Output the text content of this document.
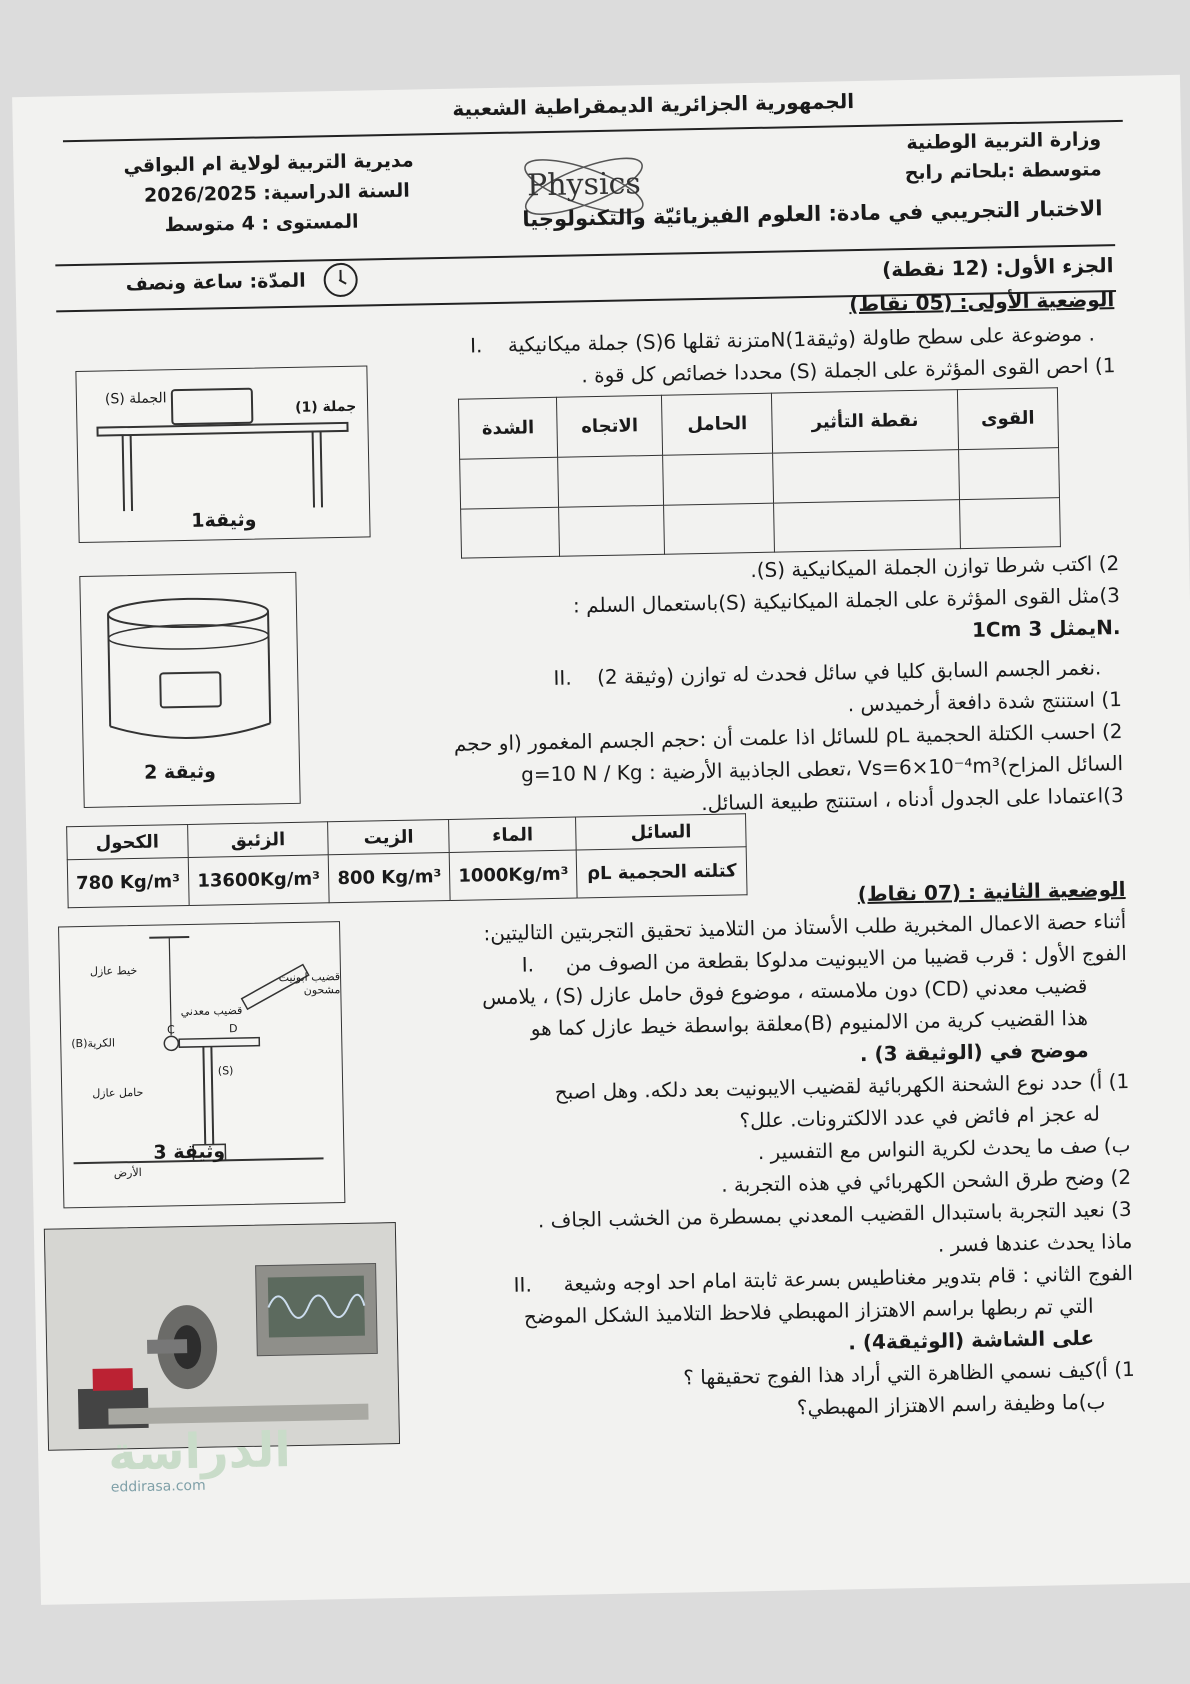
الجمهورية الجزائرية الديمقراطية الشعبية
وزارة التربية الوطنية
متوسطة :بلحاتم رابح
مديرية التربية لولاية ام البواقي
السنة الدراسية: 2026/2025
المستوى : 4 متوسط
Physics
الاختبار التجريبي في مادة: العلوم الفيزيائيّة والتكنولوجيا
المدّة: ساعة ونصف
الجزء الأول: (12 نقطة)
الوضعية الأولى: (05 نقاط)
I. جملة ميكانيكية (S)متزنة ثقلها 6Nموضوعة على سطح طاولة (وثيقة1) .
1) احص القوى المؤثرة على الجملة (S) محددا خصائص كل قوة .
الشدة	الاتجاه	الحامل	نقطة التأثير	القوى

الجملة (S)
جملة (1)
وثيقة1
2) اكتب شرطا توازن الجملة الميكانيكية (S).
3)مثل القوى المؤثرة على الجملة الميكانيكية (S)باستعمال السلم :
1Cm يمثل 3N.
وثيقة 2
II. نغمر الجسم السابق كليا في سائل فحدث له توازن (وثيقة 2).
1) استنتج شدة دافعة أرخميدس .
2) احسب الكتلة الحجمية ρL للسائل اذا علمت أن :حجم الجسم المغمور (او حجم
السائل المزاح)Vs=6×10⁻⁴m³ ،تعطى الجاذبية الأرضية : g=10 N / Kg
3)اعتمادا على الجدول أدناه ، استنتج طبيعة السائل.
الكحول	الزئبق	الزيت	الماء	السائل
780 Kg/m³	13600Kg/m³	800 Kg/m³	1000Kg/m³	كتلته الحجمية ρL
الوضعية الثانية : (07 نقاط)
أثناء حصة الاعمال المخبرية طلب الأستاذ من التلاميذ تحقيق التجربتين التاليتين:
I. الفوج الأول : قرب قضيبا من الايبونيت مدلوكا بقطعة من الصوف من
قضيب معدني (CD) دون ملامسته ، موضوع فوق حامل عازل (S) ، يلامس
هذا القضيب كرية من الالمنيوم (B)معلقة بواسطة خيط عازل كما هو
موضح في (الوثيقة 3) .
1) أ) حدد نوع الشحنة الكهربائية لقضيب الايبونيت بعد دلكه. وهل اصبح
له عجز ام فائض في عدد الالكترونات. علل؟
ب) صف ما يحدث لكرية النواس مع التفسير .
2) وضح طرق الشحن الكهربائي في هذه التجربة .
3) نعيد التجربة باستبدال القضيب المعدني بمسطرة من الخشب الجاف .
ماذا يحدث عندها فسر .
II. الفوج الثاني : قام بتدوير مغناطيس بسرعة ثابتة امام احد اوجه وشيعة
التي تم ربطها براسم الاهتزاز المهبطي فلاحظ التلاميذ الشكل الموضح
على الشاشة (الوثيقة4) .
1) أ)كيف نسمي الظاهرة التي أراد هذا الفوج تحقيقها ؟
ب)ما وظيفة راسم الاهتزاز المهبطي؟
خيط عازل	قضيب ابونيت مشحون
قضيب معدني
(B)الكرية
C	D
(S)
حامل عازل
الأرض
وثيقة 3
الدراسة
eddirasa.com
